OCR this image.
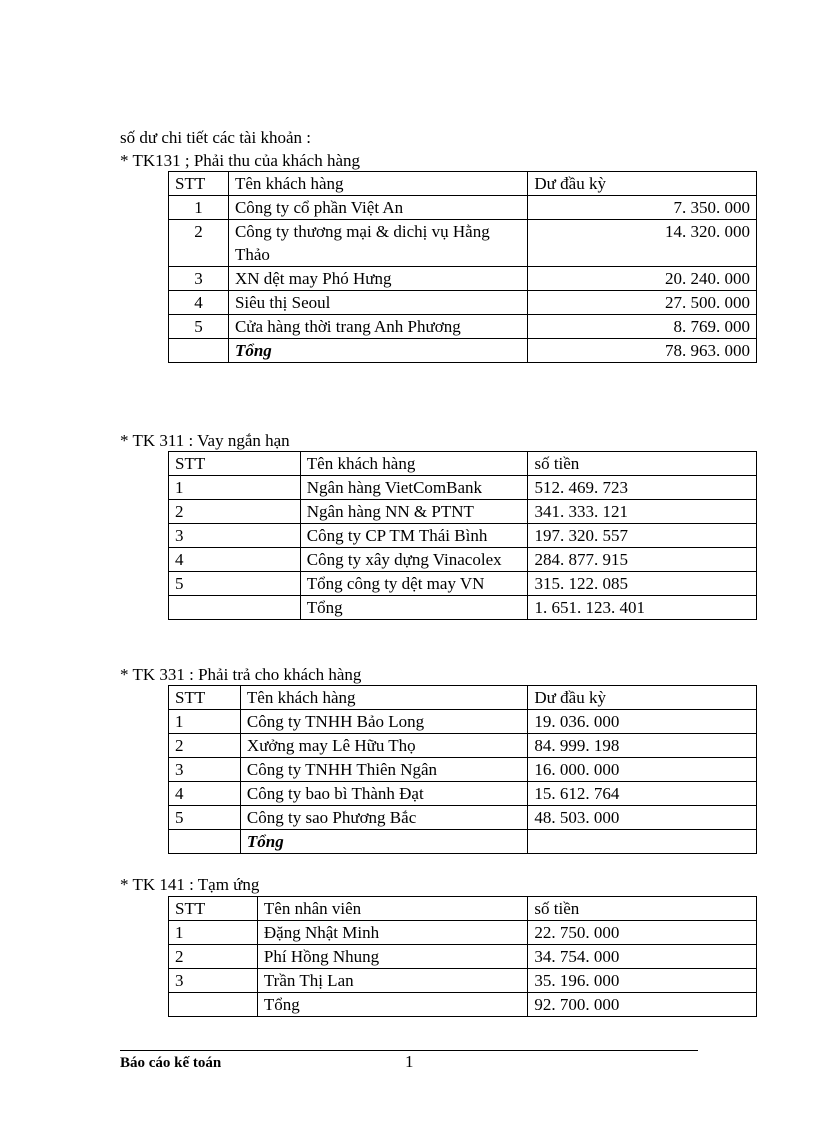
số dư chi tiết các tài khoản :
* TK131 ; Phải thu của khách hàng
STT	Tên khách hàng	Dư đầu kỳ
1	Công ty cổ phần Việt An	7. 350. 000
2	Công ty thương mại & dichị vụ Hằng Thảo	14. 320. 000
3	XN dệt may Phó Hưng	20. 240. 000
4	Siêu thị Seoul	27. 500. 000
5	Cửa hàng thời trang Anh Phương	8. 769. 000
	Tổng	78. 963. 000
* TK 311 : Vay ngắn hạn
STT	Tên khách hàng	số tiền
1	Ngân hàng VietComBank	512. 469. 723
2	Ngân hàng NN & PTNT	341. 333. 121
3	Công ty CP TM Thái Bình	197. 320. 557
4	Công ty xây dựng Vinacolex	284. 877. 915
5	Tổng công ty dệt may VN	315. 122. 085
	Tổng	1. 651. 123. 401
* TK 331 : Phải trả cho khách hàng
STT	Tên khách hàng	Dư đầu kỳ
1	Công ty TNHH Bảo Long	19. 036. 000
2	Xưởng may Lê Hữu Thọ	84. 999. 198
3	Công ty TNHH Thiên Ngân	16. 000. 000
4	Công ty bao bì Thành Đạt	15. 612. 764
5	Công ty sao Phương Bắc	48. 503. 000
	Tổng	
* TK 141 : Tạm ứng
STT	Tên nhân viên	số tiền
1	Đặng Nhật Minh	22. 750. 000
2	Phí Hồng Nhung	34. 754. 000
3	Trần Thị Lan	35. 196. 000
	Tổng	92. 700. 000
Báo cáo kế toán	1
